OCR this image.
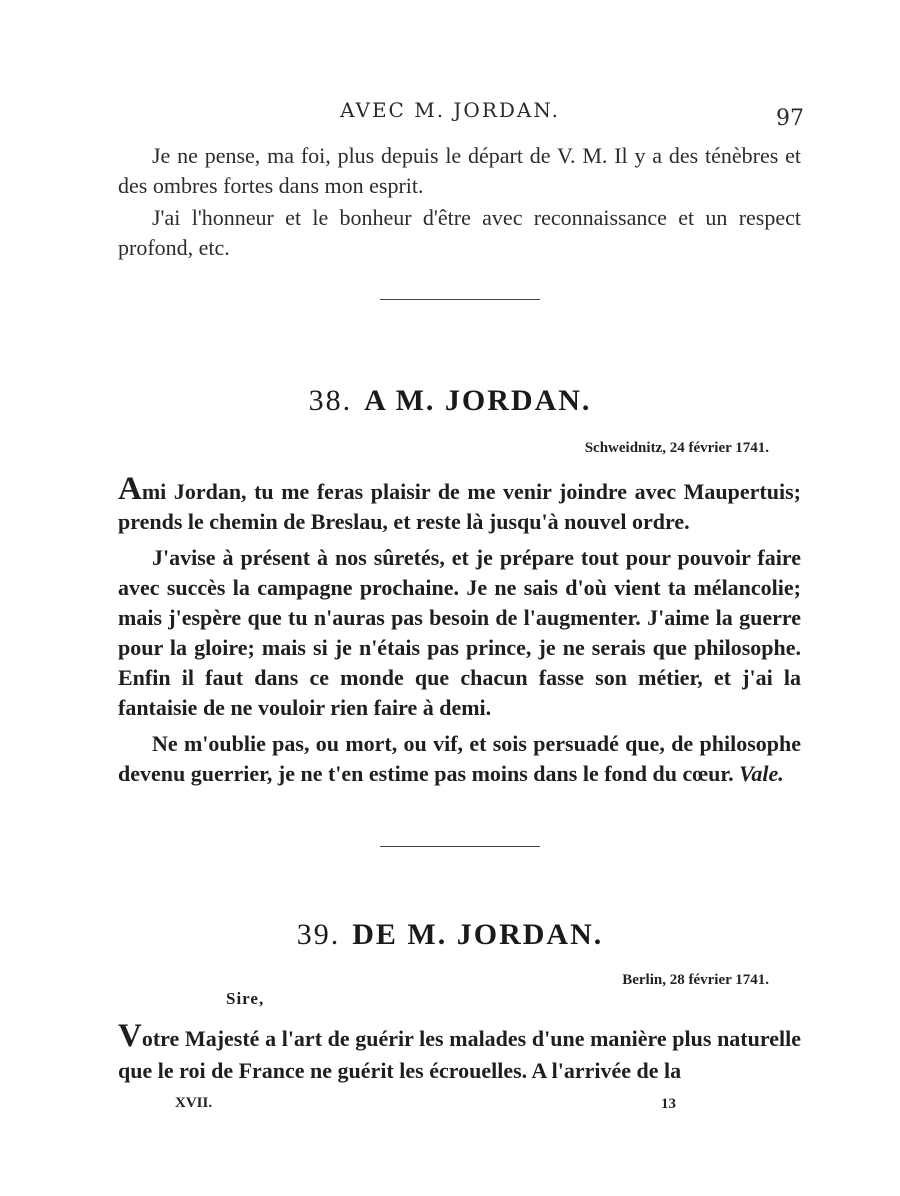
AVEC M. JORDAN.	97

Je ne pense, ma foi, plus depuis le départ de V. M. Il y a des ténèbres et des ombres fortes dans mon esprit.

J'ai l'honneur et le bonheur d'être avec reconnaissance et un respect profond, etc.

38. A M. JORDAN.
Schweidnitz, 24 février 1741.

Ami Jordan, tu me feras plaisir de me venir joindre avec Maupertuis; prends le chemin de Breslau, et reste là jusqu'à nouvel ordre.

J'avise à présent à nos sûretés, et je prépare tout pour pouvoir faire avec succès la campagne prochaine. Je ne sais d'où vient ta mélancolie; mais j'espère que tu n'auras pas besoin de l'augmenter. J'aime la guerre pour la gloire; mais si je n'étais pas prince, je ne serais que philosophe. Enfin il faut dans ce monde que chacun fasse son métier, et j'ai la fantaisie de ne vouloir rien faire à demi.

Ne m'oublie pas, ou mort, ou vif, et sois persuadé que, de philosophe devenu guerrier, je ne t'en estime pas moins dans le fond du cœur. Vale.

39. DE M. JORDAN.
Berlin, 28 février 1741.
Sire,

Votre Majesté a l'art de guérir les malades d'une manière plus naturelle que le roi de France ne guérit les écrouelles. A l'arrivée de la

XVII.	13
